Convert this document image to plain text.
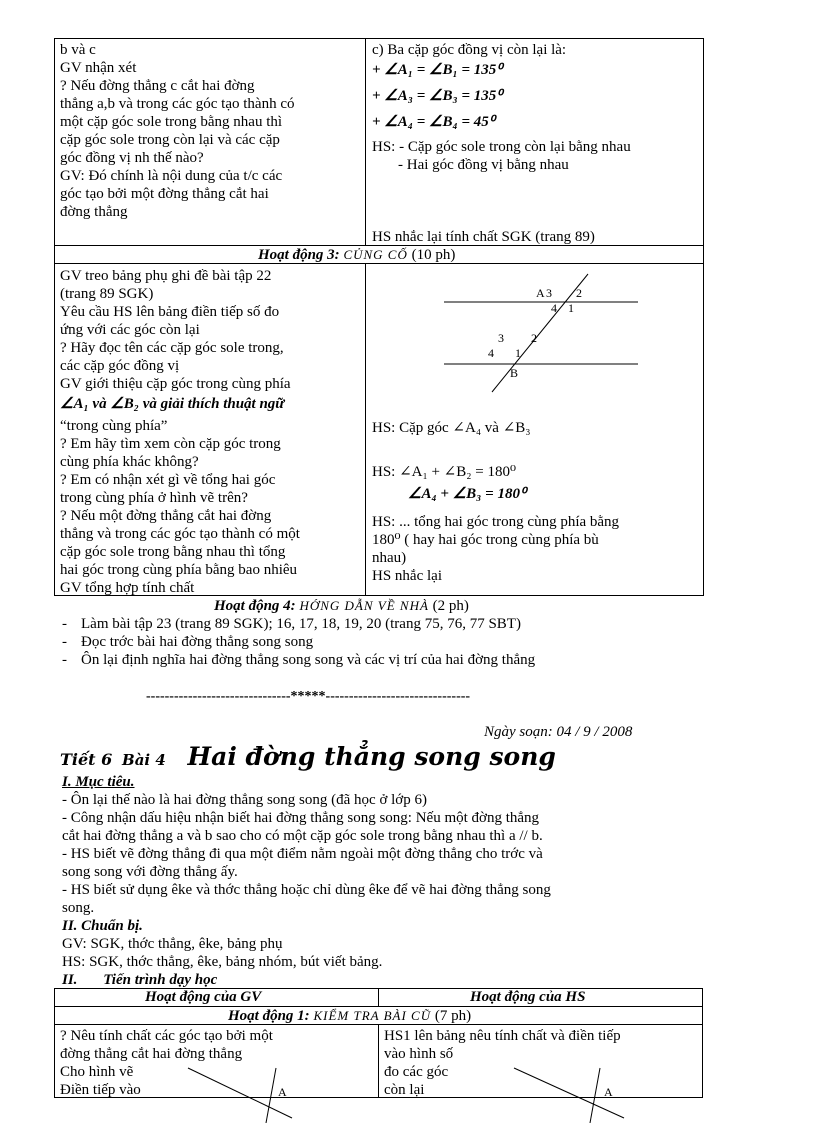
b và c
GV nhận xét
? Nếu đờng thẳng c cắt hai đờng
thẳng a,b và trong các góc tạo thành có
một cặp góc sole trong bằng nhau thì
cặp góc sole trong còn lại và các cặp
góc đồng vị nh thế nào?
GV: Đó chính là nội dung của t/c các
góc tạo bởi một đờng thẳng cắt hai
đờng thẳng
c) Ba cặp góc đồng vị còn lại là:
+ ∠A₁ = ∠B₁ = 135⁰
+ ∠A₃ = ∠B₃ = 135⁰
+ ∠A₄ = ∠B₄ = 45⁰
HS: - Cặp góc sole trong còn lại bằng nhau
- Hai góc đồng vị bằng nhau
HS nhắc lại tính chất SGK (trang 89)
Hoạt động 3: CỦNG CỐ (10 ph)
GV treo bảng phụ ghi đề bài tập 22
(trang 89 SGK)
Yêu cầu HS lên bảng điền tiếp số đo
ứng với các góc còn lại
? Hãy đọc tên các cặp góc sole trong,
các cặp góc đồng vị
GV giới thiệu cặp góc trong cùng phía
∠A₁ và ∠B₂ và giải thích thuật ngữ
“trong cùng phía”
? Em hãy tìm xem còn cặp góc trong
cùng phía khác không?
? Em có nhận xét gì về tổng hai góc
trong cùng phía ở hình vẽ trên?
? Nếu một đờng thẳng cắt hai đờng
thẳng và trong các góc tạo thành có một
cặp góc sole trong bằng nhau thì tổng
hai góc trong cùng phía bằng bao nhiêu
GV tổng hợp tính chất
A 3 2
4 1
3 2
4 1
B
HS: Cặp góc ∠A₄ và ∠B₃
HS: ∠A₁ + ∠B₂ = 180⁰
∠A₄ + ∠B₃ = 180⁰
HS: ... tổng hai góc trong cùng phía bằng
180⁰ ( hay hai góc trong cùng phía bù
nhau)
HS nhắc lại
Hoạt động 4: HỚNG DẪN VỀ NHÀ (2 ph)
- Làm bài tập 23 (trang 89 SGK); 16, 17, 18, 19, 20 (trang 75, 76, 77 SBT)
- Đọc trớc bài hai đờng thẳng song song
- Ôn lại định nghĩa hai đờng thẳng song song và các vị trí của hai đờng thẳng
-------------------------------*****-------------------------------
Ngày soạn: 04 / 9 / 2008
Tiết 6 Bài 4 Hai đờng thẳng song song
I. Mục tiêu.
- Ôn lại thế nào là hai đờng thẳng song song (đã học ở lớp 6)
- Công nhận dấu hiệu nhận biết hai đờng thẳng song song: Nếu một đờng thẳng
cắt hai đờng thẳng a và b sao cho có một cặp góc sole trong bằng nhau thì a // b.
- HS biết vẽ đờng thẳng đi qua một điểm nằm ngoài một đờng thẳng cho trớc và
song song với đờng thẳng ấy.
- HS biết sử dụng êke và thớc thẳng hoặc chỉ dùng êke để vẽ hai đờng thẳng song
song.
II. Chuẩn bị.
GV: SGK, thớc thẳng, êke, bảng phụ
HS: SGK, thớc thẳng, êke, bảng nhóm, bút viết bảng.
II. Tiến trình dạy học
Hoạt động của GV	Hoạt động của HS
Hoạt động 1: KIỂM TRA BÀI CŨ (7 ph)
? Nêu tính chất các góc tạo bởi một
đờng thẳng cắt hai đờng thẳng
Cho hình vẽ
Điền tiếp vào
HS1 lên bảng nêu tính chất và điền tiếp
vào hình số
đo các góc
còn lại
A	A
